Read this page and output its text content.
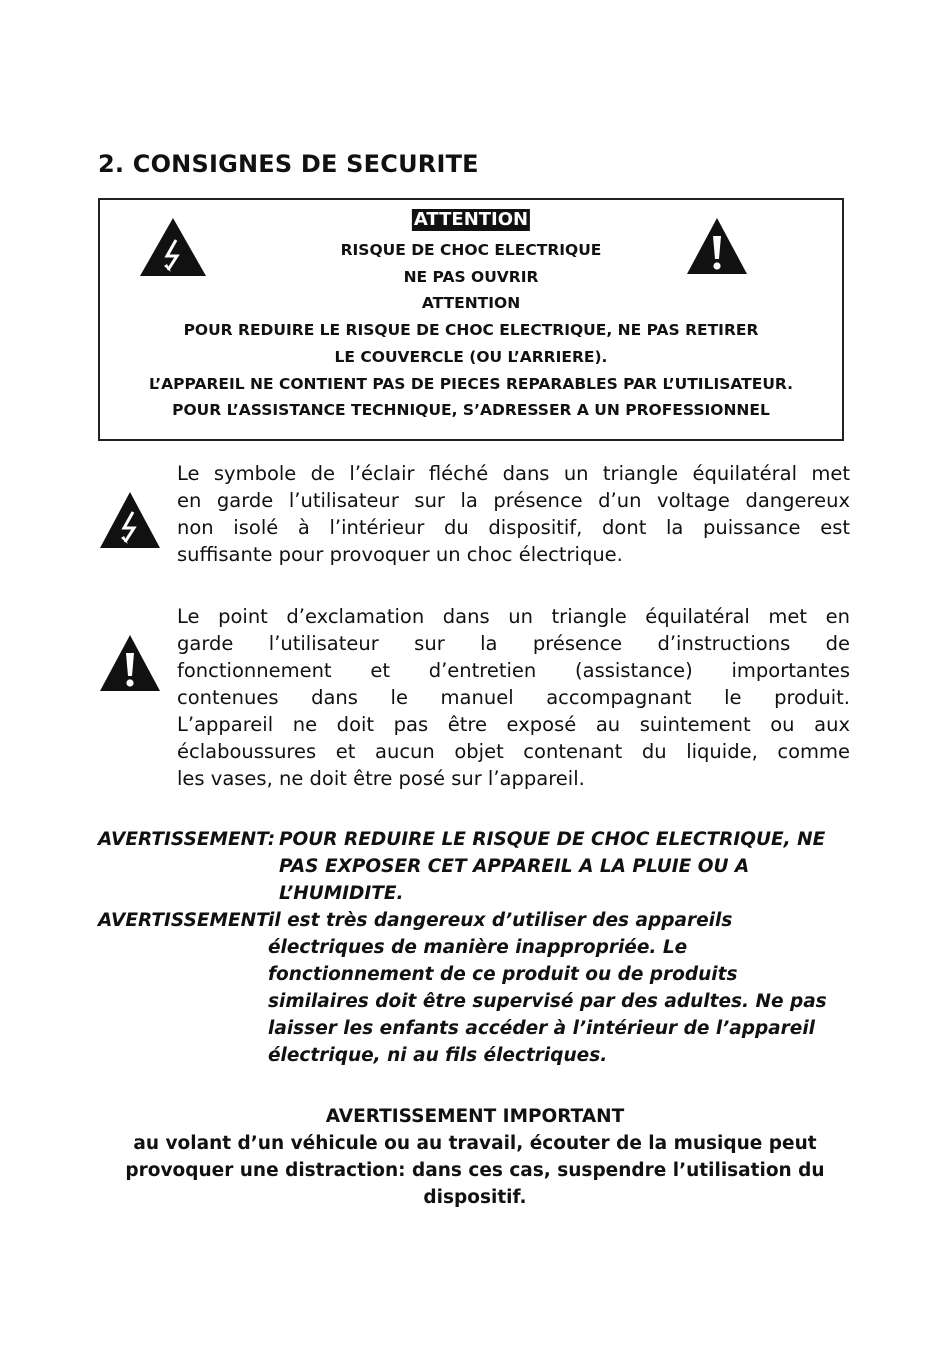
2. CONSIGNES DE SECURITE
ATTENTION
RISQUE DE CHOC ELECTRIQUE
NE PAS OUVRIR
ATTENTION
POUR REDUIRE LE RISQUE DE CHOC ELECTRIQUE, NE PAS RETIRER
LE COUVERCLE (OU L’ARRIERE).
L’APPAREIL NE CONTIENT PAS DE PIECES REPARABLES PAR L’UTILISATEUR.
POUR L’ASSISTANCE TECHNIQUE, S’ADRESSER A UN PROFESSIONNEL
Le symbole de l’éclair fléché dans un triangle équilatéral met
en garde l’utilisateur sur la présence d’un voltage dangereux
non isolé à l’intérieur du dispositif, dont la puissance est
suffisante pour provoquer un choc électrique.
Le point d’exclamation dans un triangle équilatéral met en
garde l’utilisateur sur la présence d’instructions de
fonctionnement et d’entretien (assistance) importantes
contenues dans le manuel accompagnant le produit.
L’appareil ne doit pas être exposé au suintement ou aux
éclaboussures et aucun objet contenant du liquide, comme
les vases, ne doit être posé sur l’appareil.
AVERTISSEMENT: POUR REDUIRE LE RISQUE DE CHOC ELECTRIQUE, NE
PAS EXPOSER CET APPAREIL A LA PLUIE OU A
L’HUMIDITE.
AVERTISSEMENT:
il est très dangereux d’utiliser des appareils
électriques de manière inappropriée. Le
fonctionnement de ce produit ou de produits
similaires doit être supervisé par des adultes. Ne pas
laisser les enfants accéder à l’intérieur de l’appareil
électrique, ni au fils électriques.
AVERTISSEMENT IMPORTANT
au volant d’un véhicule ou au travail, écouter de la musique peut
provoquer une distraction: dans ces cas, suspendre l’utilisation du
dispositif.
